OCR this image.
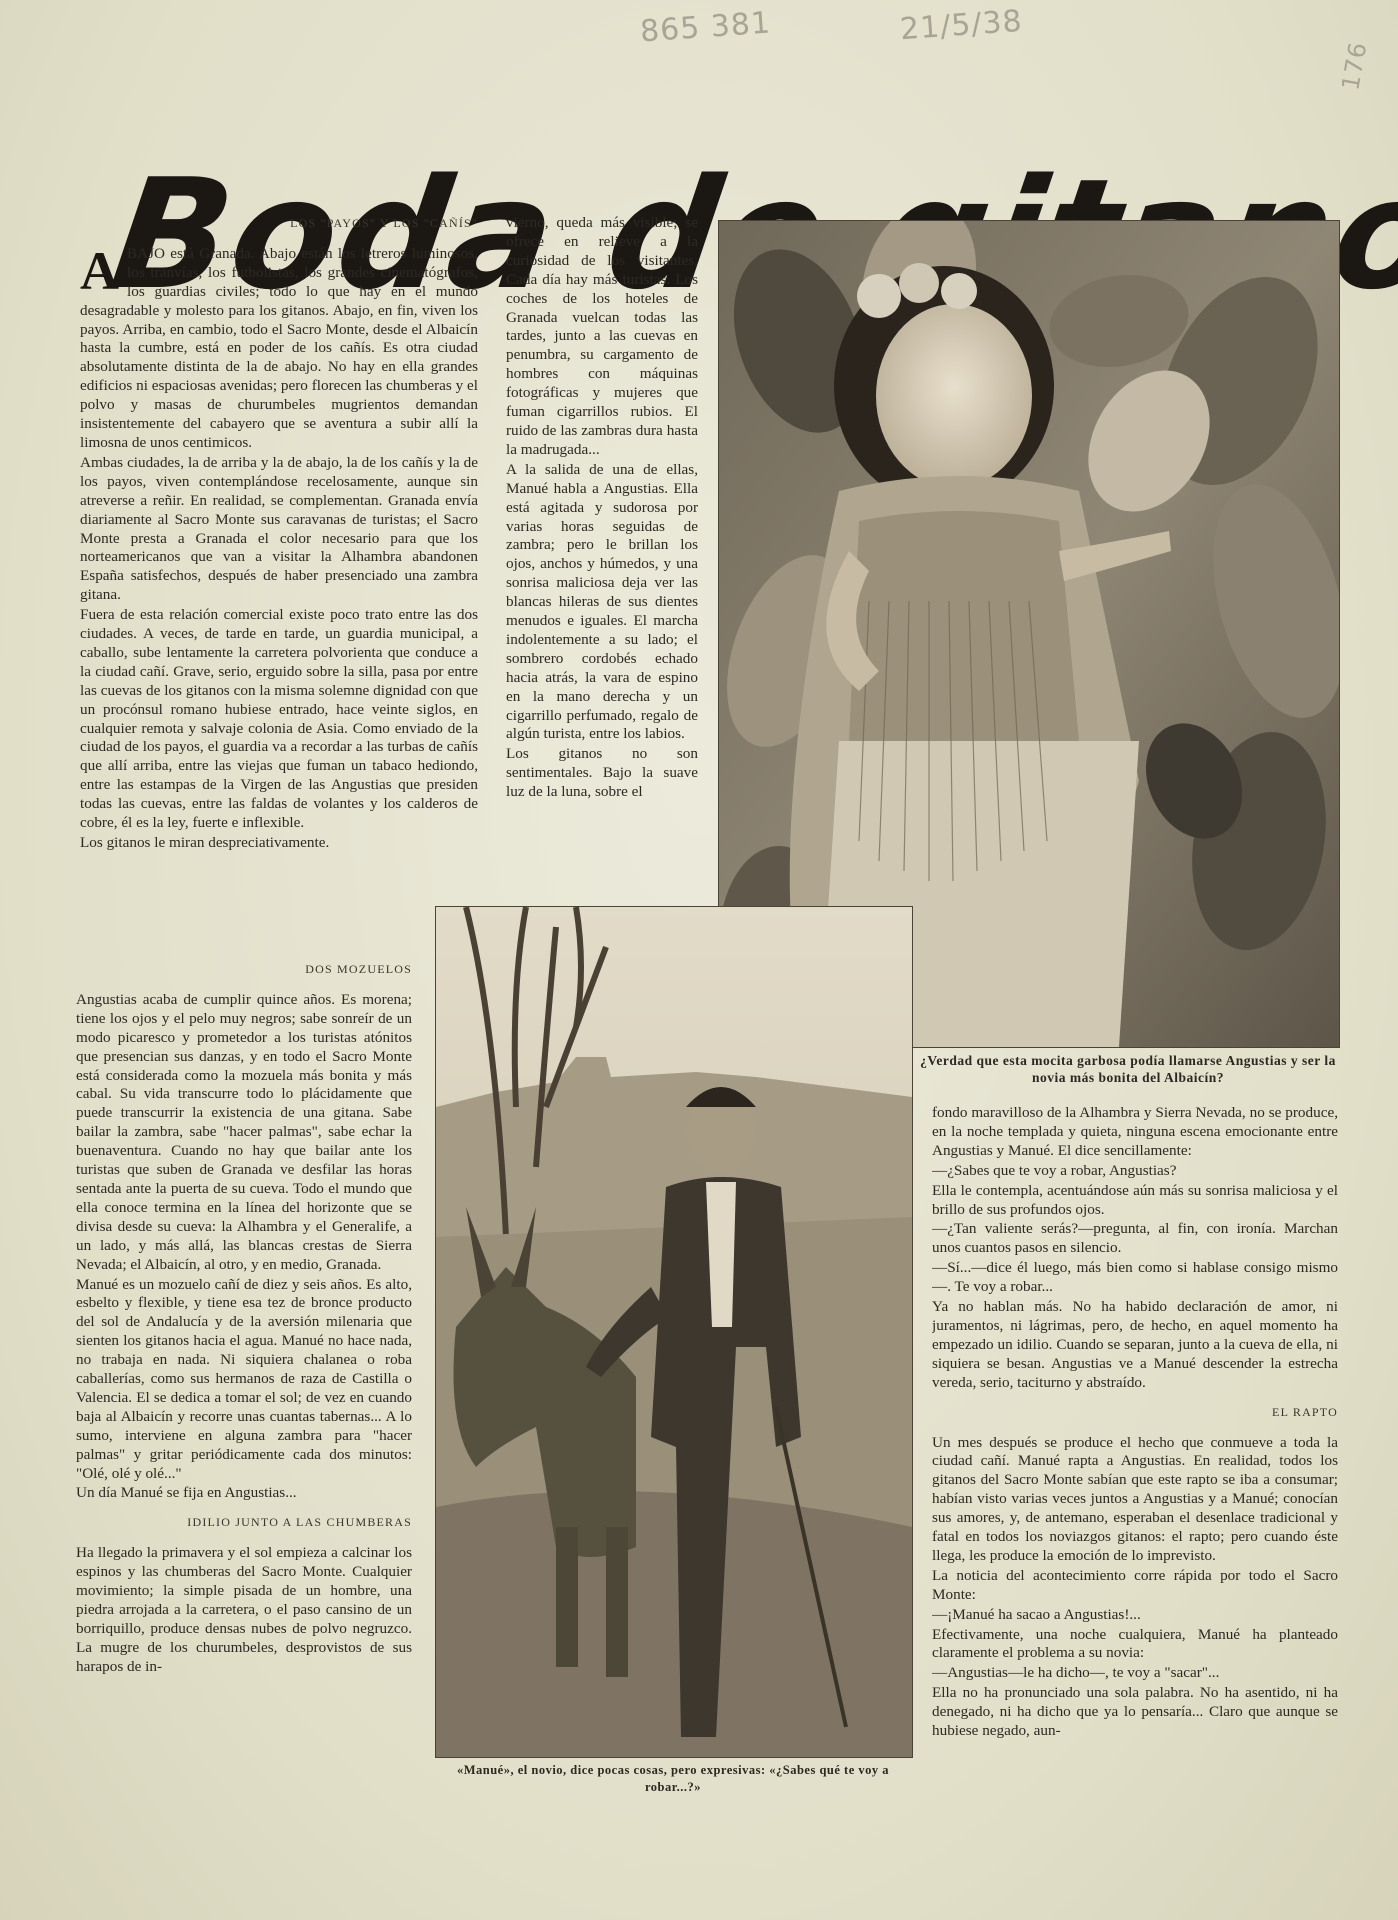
865 381	21/5/38
176
Boda de
LOS "PAYOS" Y LOS "CAÑÍS"
A BAJO está Granada. Abajo están los letreros luminosos, los tranvías, los futbolistas, los grandes cinematógrafos, los guardias civiles; todo lo que hay en el mundo desagradable y molesto para los gitanos. Abajo, en fin, viven los payos. Arriba, en cambio, todo el Sacro Monte, desde el Albaicín hasta la cumbre, está en poder de los cañís. Es otra ciudad absolutamente distinta de la de abajo. No hay en ella grandes edificios ni espaciosas avenidas; pero florecen las chumberas y el polvo y masas de churumbeles mugrientos demandan insistentemente del cabayero que se aventura a subir allí la limosna de unos centimicos.

Ambas ciudades, la de arriba y la de abajo, la de los cañís y la de los payos, viven contemplándose recelosamente, aunque sin atreverse a reñir. En realidad, se complementan. Granada envía diariamente al Sacro Monte sus caravanas de turistas; el Sacro Monte presta a Granada el color necesario para que los norteamericanos que van a visitar la Alhambra abandonen España satisfechos, después de haber presenciado una zambra gitana.

Fuera de esta relación comercial existe poco trato entre las dos ciudades. A veces, de tarde en tarde, un guardia municipal, a caballo, sube lentamente la carretera polvorienta que conduce a la ciudad cañí. Grave, serio, erguido sobre la silla, pasa por entre las cuevas de los gitanos con la misma solemne dignidad con que un procónsul romano hubiese entrado, hace veinte siglos, en cualquier remota y salvaje colonia de Asia. Como enviado de la ciudad de los payos, el guardia va a recordar a las turbas de cañís que allí arriba, entre las viejas que fuman un tabaco hediondo, entre las estampas de la Virgen de las Angustias que presiden todas las cuevas, entre las faldas de volantes y los calderos de cobre, él es la ley, fuerte e inflexible.

Los gitanos le miran despreciativamente.

vierno, queda más visible; se ofrece en relieve a la curiosidad de los visitantes. Cada día hay más turistas. Los coches de los hoteles de Granada vuelcan todas las tardes, junto a las cuevas en penumbra, su cargamento de hombres con máquinas fotográficas y mujeres que fuman cigarrillos rubios. El ruido de las zambras dura hasta la madrugada...

A la salida de una de ellas, Manué habla a Angustias. Ella está agitada y sudorosa por varias horas seguidas de zambra; pero le brillan los ojos, anchos y húmedos, y una sonrisa maliciosa deja ver las blancas hileras de sus dientes menudos e iguales. El marcha indolentemente a su lado; el sombrero cordobés echado hacia atrás, la vara de espino en la mano derecha y un cigarrillo perfumado, regalo de algún turista, entre los labios.

Los gitanos no son sentimentales. Bajo la suave luz de la luna, sobre el

¿Verdad que esta mocita garbosa podía llamarse Angustias y ser la novia más bonita del Albaicín?
«Manué», el novio, dice pocas cosas, pero expresivas: «¿Sabes qué te voy a robar...?»
DOS MOZUELOS

Angustias acaba de cumplir quince años. Es morena; tiene los ojos y el pelo muy negros; sabe sonreír de un modo picaresco y prometedor a los turistas atónitos que presencian sus danzas, y en todo el Sacro Monte está considerada como la mozuela más bonita y más cabal. Su vida transcurre todo lo plácidamente que puede transcurrir la existencia de una gitana. Sabe bailar la zambra, sabe "hacer palmas", sabe echar la buenaventura. Cuando no hay que bailar ante los turistas que suben de Granada ve desfilar las horas sentada ante la puerta de su cueva. Todo el mundo que ella conoce termina en la línea del horizonte que se divisa desde su cueva: la Alhambra y el Generalife, a un lado, y más allá, las blancas crestas de Sierra Nevada; el Albaicín, al otro, y en medio, Granada.

Manué es un mozuelo cañí de diez y seis años. Es alto, esbelto y flexible, y tiene esa tez de bronce producto del sol de Andalucía y de la aversión milenaria que sienten los gitanos hacia el agua. Manué no hace nada, no trabaja en nada. Ni siquiera chalanea o roba caballerías, como sus hermanos de raza de Castilla o Valencia. El se dedica a tomar el sol; de vez en cuando baja al Albaicín y recorre unas cuantas tabernas... A lo sumo, interviene en alguna zambra para "hacer palmas" y gritar periódicamente cada dos minutos: "Olé, olé y olé..."

Un día Manué se fija en Angustias...

IDILIO JUNTO A LAS CHUMBERAS

Ha llegado la primavera y el sol empieza a calcinar los espinos y las chumberas del Sacro Monte. Cualquier movimiento; la simple pisada de un hombre, una piedra arrojada a la carretera, o el paso cansino de un borriquillo, produce densas nubes de polvo negruzco. La mugre de los churumbeles, desprovistos de sus harapos de in-

fondo maravilloso de la Alhambra y Sierra Nevada, no se produce, en la noche templada y quieta, ninguna escena emocionante entre Angustias y Manué. El dice sencillamente:

—¿Sabes que te voy a robar, Angustias?

Ella le contempla, acentuándose aún más su sonrisa maliciosa y el brillo de sus profundos ojos.

—¿Tan valiente serás?—pregunta, al fin, con ironía. Marchan unos cuantos pasos en silencio.

—Sí...—dice él luego, más bien como si hablase consigo mismo—. Te voy a robar...

Ya no hablan más. No ha habido declaración de amor, ni juramentos, ni lágrimas, pero, de hecho, en aquel momento ha empezado un idilio. Cuando se separan, junto a la cueva de ella, ni siquiera se besan. Angustias ve a Manué descender la estrecha vereda, serio, taciturno y abstraído.

EL RAPTO

Un mes después se produce el hecho que conmueve a toda la ciudad cañí. Manué rapta a Angustias. En realidad, todos los gitanos del Sacro Monte sabían que este rapto se iba a consumar; habían visto varias veces juntos a Angustias y a Manué; conocían sus amores, y, de antemano, esperaban el desenlace tradicional y fatal en todos los noviazgos gitanos: el rapto; pero cuando éste llega, les produce la emoción de lo imprevisto.

La noticia del acontecimiento corre rápida por todo el Sacro Monte:

—¡Manué ha sacao a Angustias!...

Efectivamente, una noche cualquiera, Manué ha planteado claramente el problema a su novia:

—Angustias—le ha dicho—, te voy a "sacar"...

Ella no ha pronunciado una sola palabra. No ha asentido, ni ha denegado, ni ha dicho que ya lo pensaría... Claro que aunque se hubiese negado, aun-
